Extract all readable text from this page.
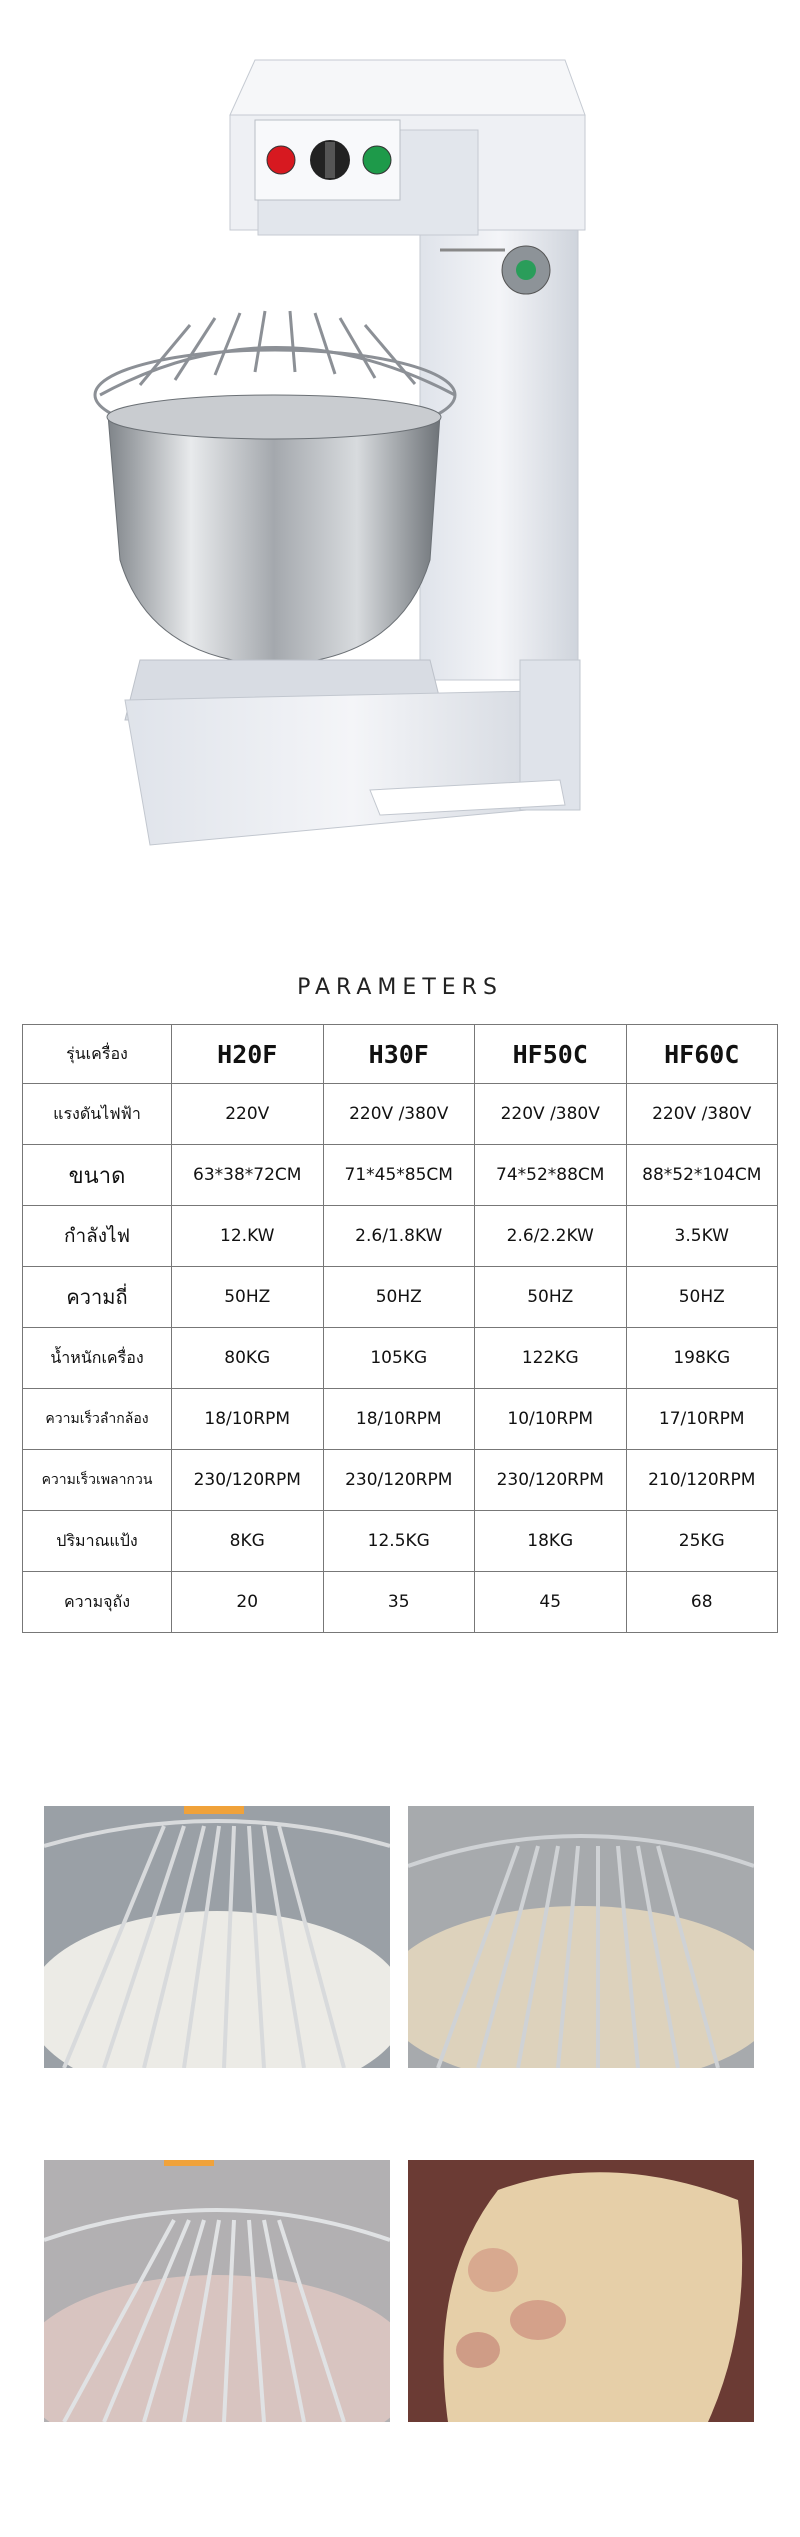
PARAMETERS
รุ่นเครื่อง	H20F	H30F	HF50C	HF60C
แรงดันไฟฟ้า	220V	220V /380V	220V /380V	220V /380V
ขนาด	63*38*72CM	71*45*85CM	74*52*88CM	88*52*104CM
กำลังไฟ	12.KW	2.6/1.8KW	2.6/2.2KW	3.5KW
ความถี่	50HZ	50HZ	50HZ	50HZ
น้ำหนักเครื่อง	80KG	105KG	122KG	198KG
ความเร็วลำกล้อง	18/10RPM	18/10RPM	10/10RPM	17/10RPM
ความเร็วเพลากวน	230/120RPM	230/120RPM	230/120RPM	210/120RPM
ปริมาณแป้ง	8KG	12.5KG	18KG	25KG
ความจุถัง	20	35	45	68
